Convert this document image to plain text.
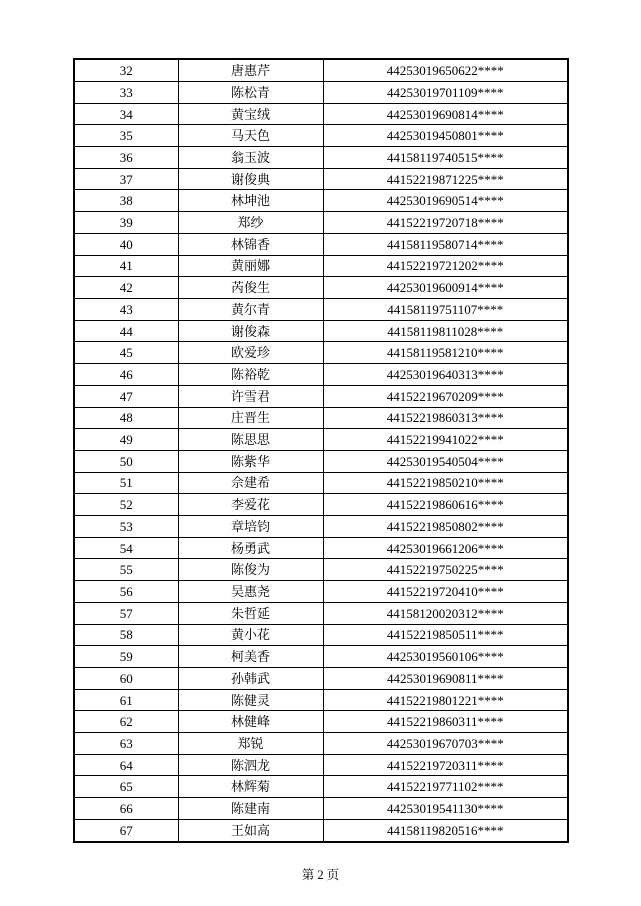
32	唐惠芹	44253019650622****
33	陈松青	44253019701109****
34	黄宝绒	44253019690814****
35	马天色	44253019450801****
36	翁玉波	44158119740515****
37	谢俊典	44152219871225****
38	林坤池	44253019690514****
39	郑纱	44152219720718****
40	林锦香	44158119580714****
41	黄丽娜	44152219721202****
42	芮俊生	44253019600914****
43	黄尔青	44158119751107****
44	谢俊森	44158119811028****
45	欧爱珍	44158119581210****
46	陈裕乾	44253019640313****
47	许雪君	44152219670209****
48	庄晋生	44152219860313****
49	陈思思	44152219941022****
50	陈紫华	44253019540504****
51	佘建希	44152219850210****
52	李爱花	44152219860616****
53	章培钧	44152219850802****
54	杨勇武	44253019661206****
55	陈俊为	44152219750225****
56	吴惠尧	44152219720410****
57	朱哲延	44158120020312****
58	黄小花	44152219850511****
59	柯美香	44253019560106****
60	孙韩武	44253019690811****
61	陈健灵	44152219801221****
62	林健峰	44152219860311****
63	郑锐	44253019670703****
64	陈泗龙	44152219720311****
65	林辉菊	44152219771102****
66	陈建南	44253019541130****
67	王如高	44158119820516****
第 2 页
